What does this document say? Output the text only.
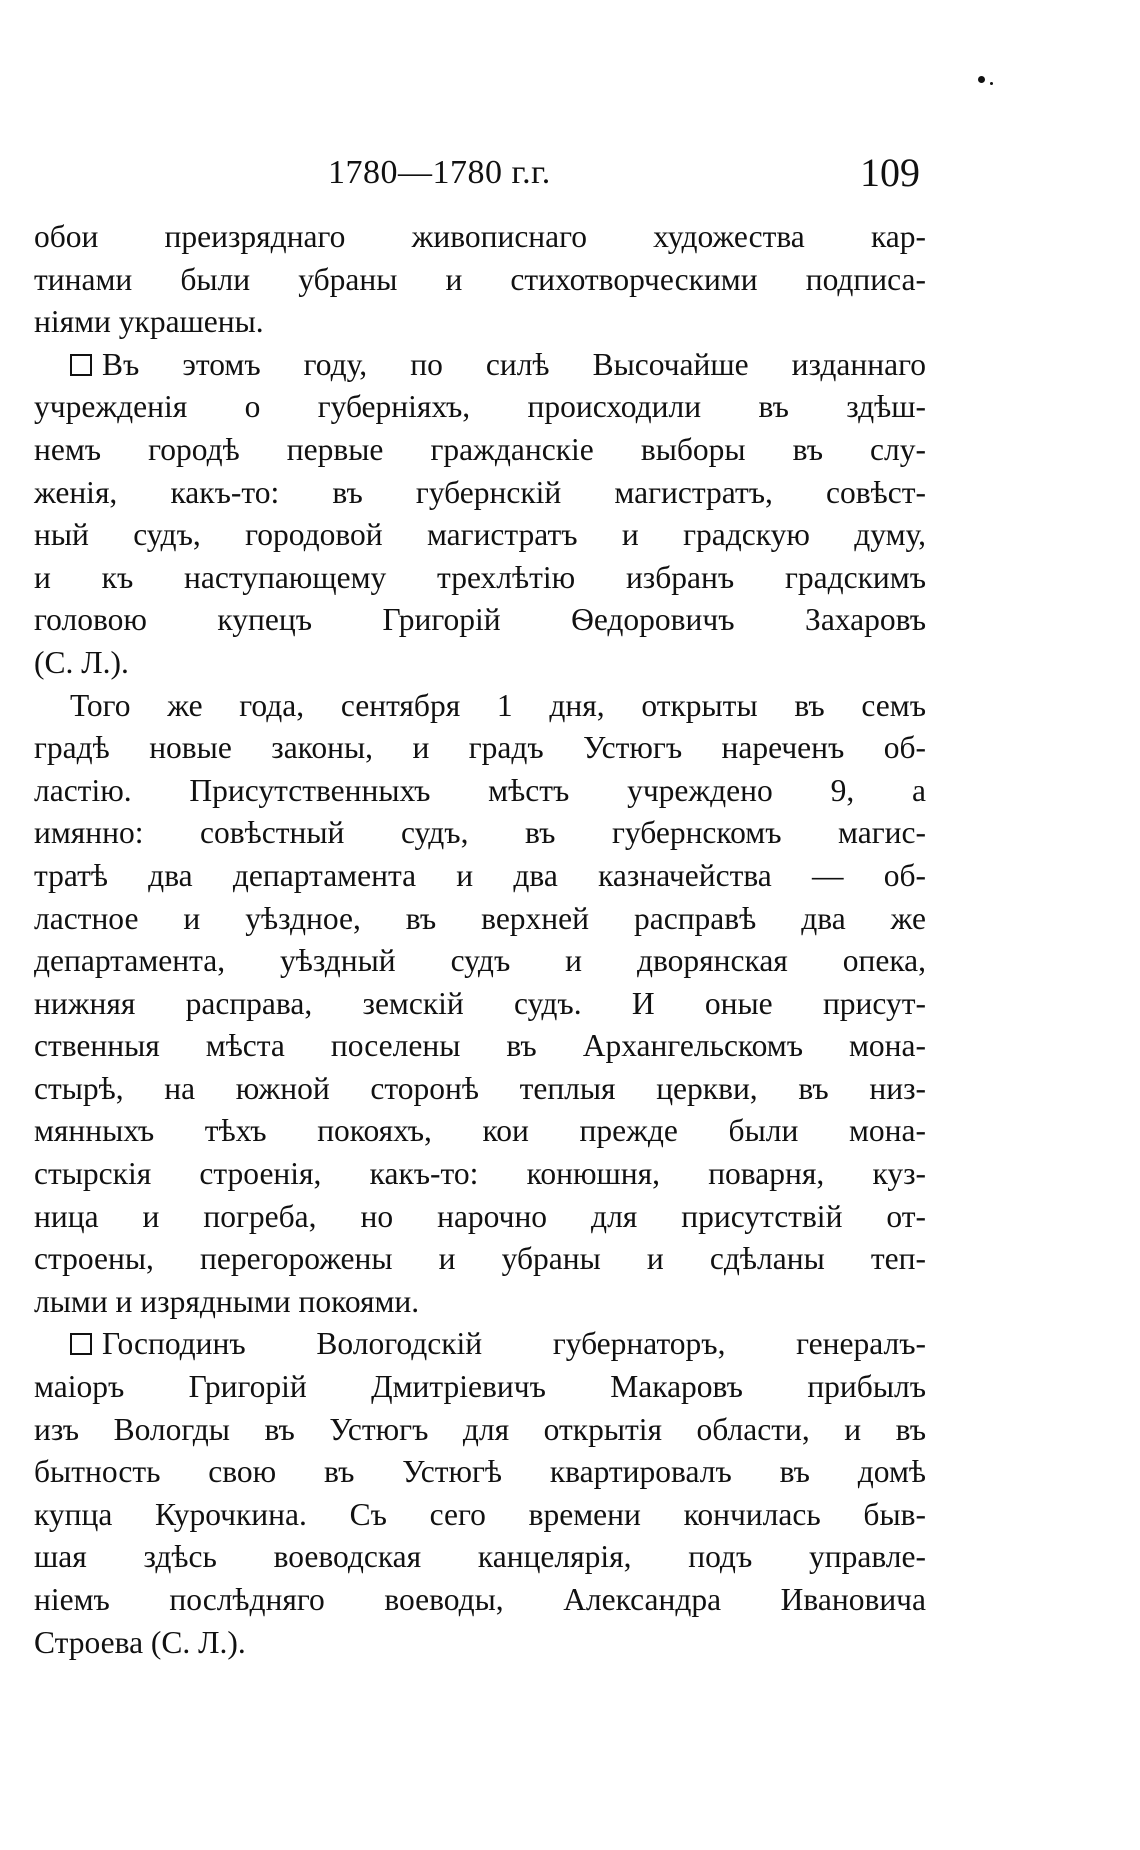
1780—1780 г.г.	109
обои преизряднаго живописнаго художества кар-
тинами были убраны и стихотворческими подписа-
ніями украшены.
Въ этомъ году, по силѣ Высочайше изданнаго
учрежденія о губерніяхъ, происходили въ здѣш-
немъ городѣ первые гражданскіе выборы въ слу-
женія, какъ-то: въ губернскій магистратъ, совѣст-
ный судъ, городовой магистратъ и градскую думу,
и къ наступающему трехлѣтію избранъ градскимъ
головою купецъ Григорій Ѳедоровичъ Захаровъ
(С. Л.).
Того же года, сентября 1 дня, открыты въ семъ
градѣ новые законы, и градъ Устюгъ нареченъ об-
ластію. Присутственныхъ мѣстъ учреждено 9, а
имянно: совѣстный судъ, въ губернскомъ магис-
тратѣ два департамента и два казначейства — об-
ластное и уѣздное, въ верхней расправѣ два же
департамента, уѣздный судъ и дворянская опека,
нижняя расправа, земскій судъ. И оные присут-
ственныя мѣста поселены въ Архангельскомъ мона-
стырѣ, на южной сторонѣ теплыя церкви, въ низ-
мянныхъ тѣхъ покояхъ, кои прежде были мона-
стырскія строенія, какъ-то: конюшня, поварня, куз-
ница и погреба, но нарочно для присутствій от-
строены, перегорожены и убраны и сдѣланы теп-
лыми и изрядными покоями.
Господинъ Вологодскій губернаторъ, генералъ-
маіоръ Григорій Дмитріевичъ Макаровъ прибылъ
изъ Вологды въ Устюгъ для открытія области, и въ
бытность свою въ Устюгѣ квартировалъ въ домѣ
купца Курочкина. Съ сего времени кончилась быв-
шая здѣсь воеводская канцелярія, подъ управле-
ніемъ послѣдняго воеводы, Александра Ивановича
Строева (С. Л.).
